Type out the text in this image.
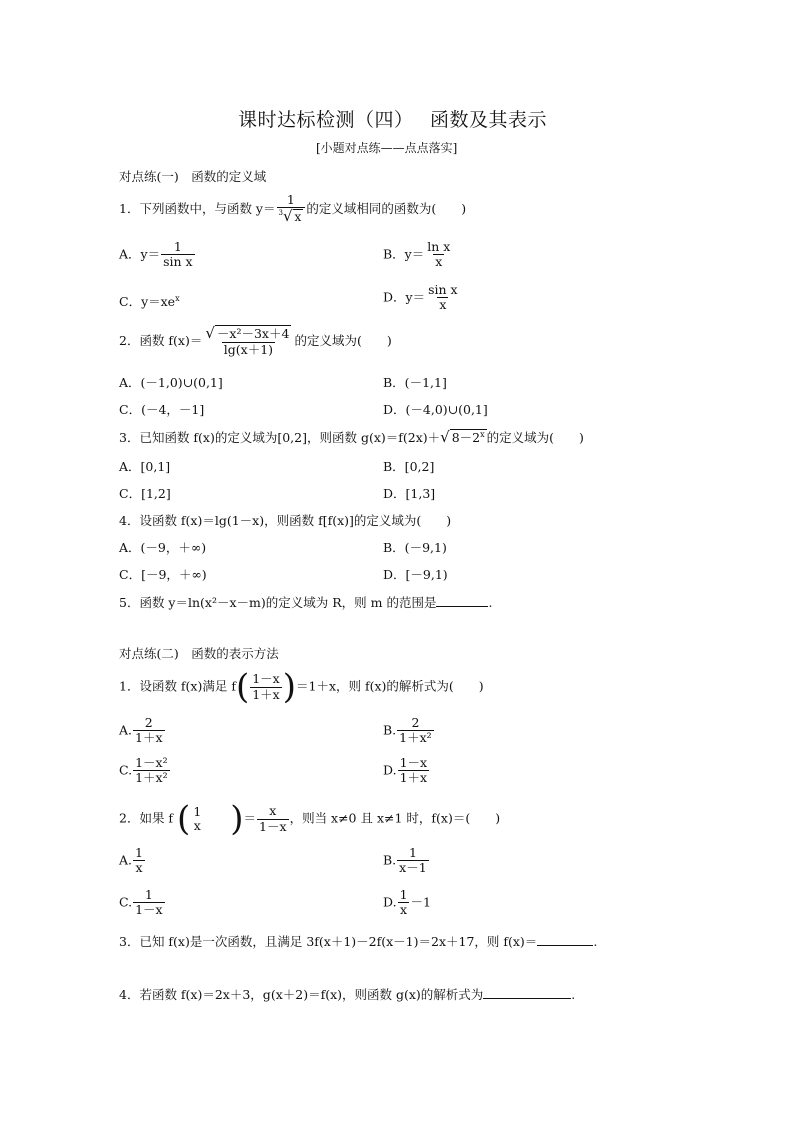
课时达标检测（四）　 函数及其表示
[小题对点练——点点落实]
对点练(一)　函数的定义域
1．下列函数中，与函数 $y= \frac{1}{^3√ x}$ 的定义域相同的函数为(　　)
A．$y= \frac{1}{\text{sin x}}$	B．$y= \frac{\text{ln x}}{x}$
C．$y=xe^x$	D．$y= \frac{\text{sin x}}{x}$
2．函数 $f(x)= \frac{\text{√ －x²－3x＋4}}{\lg(x+1)}$ 的定义域为(　　)
A．(－1,0)∪(0,1]	B．(－1,1]
C．(－4，－1]	D．(－4,0)∪(0,1]
3．已知函数 f(x)的定义域为[0,2]，则函数 g(x)＝f(2x)＋√ $8-2^x$ 的定义域为(　　)
A．[0,1]	B．[0,2]
C．[1,2]	D．[1,3]
4．设函数 f(x)＝lg(1－x)，则函数 f[f(x)]的定义域为(　　)
A．(－9，＋∞)	B．(－9,1)
C．[－9，＋∞)	D．[－9,1)
5．函数 y＝ln(x²－x－m)的定义域为 R，则 m 的范围是	.
对点练(二)　函数的表示方法
1．设函数 f(x)满足 $f( \frac{1-x}{1+x} )=1+x$，则 f(x)的解析式为(　　)
A. $\frac{2}{1+x}$	B. $\frac{2}{\text{1＋x²}}$
C. $\frac{\text{1－x²}}{\text{1＋x²}}$	D. $\frac{1-x}{1+x}$
2．如果 f ( 1
x )＝ $\frac{x}{1-x}$ ，则当 x≠0 且 x≠1 时，f(x)＝(　　)
A. $\frac{1}{x}$	B. $\frac{1}{x-1}$
C. $\frac{1}{1-x}$	D. $\frac{1}{x} -1$
3．已知 f(x)是一次函数，且满足 3f(x＋1)－2f(x－1)＝2x＋17，则 f(x)＝	.
4．若函数 f(x)＝2x＋3，g(x＋2)＝f(x)，则函数 g(x)的解析式为	.
